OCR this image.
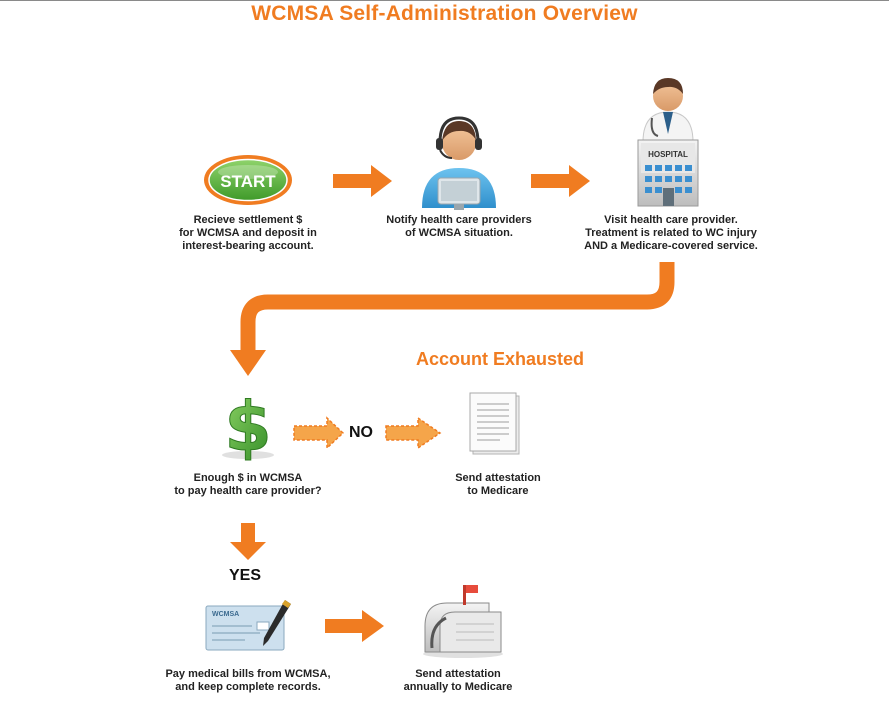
WCMSA Self-Administration Overview
START
HOSPITAL
$
WCMSA
Account Exhausted
NO
YES
Recieve settlement $
for WCMSA and deposit in
interest-bearing account.
Notify health care providers
of WCMSA situation.
Visit health care provider.
Treatment is related to WC injury
AND a Medicare-covered service.
Enough $ in WCMSA
to pay health care provider?
Send attestation
to Medicare
Pay medical bills from WCMSA,
and keep complete records.
Send attestation
annually to Medicare
